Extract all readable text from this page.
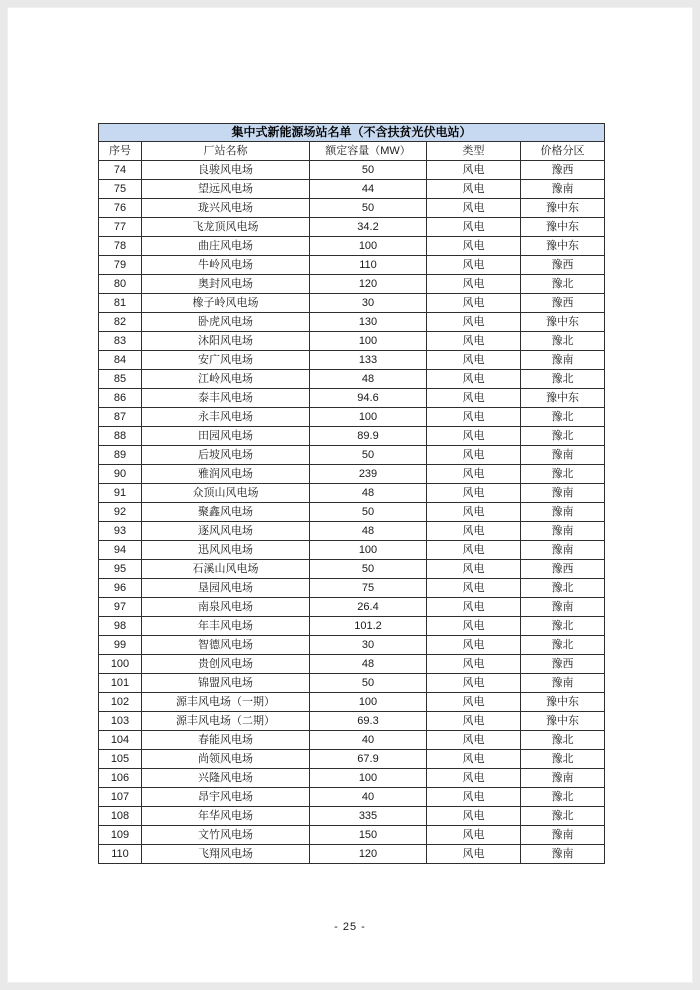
集中式新能源场站名单（不含扶贫光伏电站）				
序号	厂站名称	额定容量（MW）	类型	价格分区
74	良骏风电场	50	风电	豫西
75	望远风电场	44	风电	豫南
76	珑兴风电场	50	风电	豫中东
77	飞龙顶风电场	34.2	风电	豫中东
78	曲庄风电场	100	风电	豫中东
79	牛岭风电场	110	风电	豫西
80	奥封风电场	120	风电	豫北
81	橡子岭风电场	30	风电	豫西
82	卧虎风电场	130	风电	豫中东
83	沐阳风电场	100	风电	豫北
84	安广风电场	133	风电	豫南
85	江岭风电场	48	风电	豫北
86	泰丰风电场	94.6	风电	豫中东
87	永丰风电场	100	风电	豫北
88	田园风电场	89.9	风电	豫北
89	后坡风电场	50	风电	豫南
90	雅润风电场	239	风电	豫北
91	众顶山风电场	48	风电	豫南
92	聚鑫风电场	50	风电	豫南
93	逐风风电场	48	风电	豫南
94	迅风风电场	100	风电	豫南
95	石溪山风电场	50	风电	豫西
96	垦园风电场	75	风电	豫北
97	南泉风电场	26.4	风电	豫南
98	年丰风电场	101.2	风电	豫北
99	智德风电场	30	风电	豫北
100	贵创风电场	48	风电	豫西
101	锦盟风电场	50	风电	豫南
102	源丰风电场（一期）	100	风电	豫中东
103	源丰风电场（二期）	69.3	风电	豫中东
104	春能风电场	40	风电	豫北
105	尚领风电场	67.9	风电	豫北
106	兴隆风电场	100	风电	豫南
107	昂宇风电场	40	风电	豫北
108	年华风电场	335	风电	豫北
109	文竹风电场	150	风电	豫南
110	飞翔风电场	120	风电	豫南
- 25 -
